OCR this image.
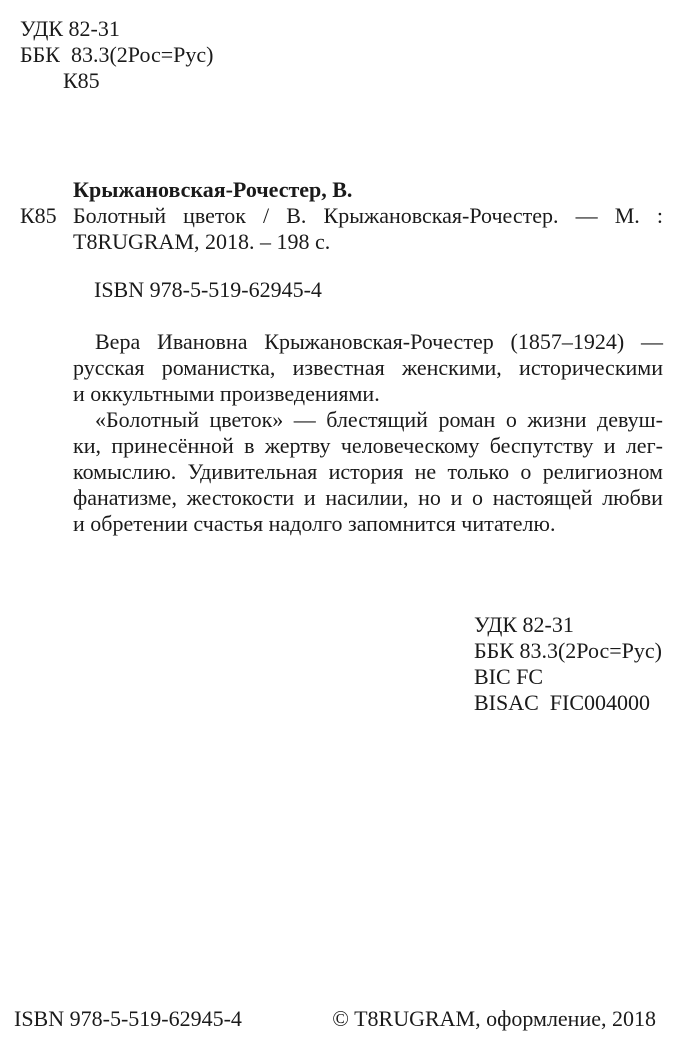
УДК 82-31
ББК  83.3(2Рос=Рус)
К85
Крыжановская-Рочестер, В.
К85 Болотный цветок / В. Крыжановская-Рочестер. — М. :
T8RUGRAM, 2018. – 198 с.
ISBN 978-5-519-62945-4
Вера Ивановна Крыжановская-Рочестер (1857–1924) —
русская романистка, известная женскими, историческими
и оккультными произведениями.
«Болотный цветок» — блестящий роман о жизни девуш-
ки, принесённой в жертву человеческому беспутству и лег-
комыслию. Удивительная история не только о религиозном
фанатизме, жестокости и насилии, но и о настоящей любви
и обретении счастья надолго запомнится читателю.
УДК 82-31
ББК 83.3(2Рос=Рус)
BIC FC
BISAC  FIC004000
ISBN 978-5-519-62945-4	© T8RUGRAM, оформление, 2018
